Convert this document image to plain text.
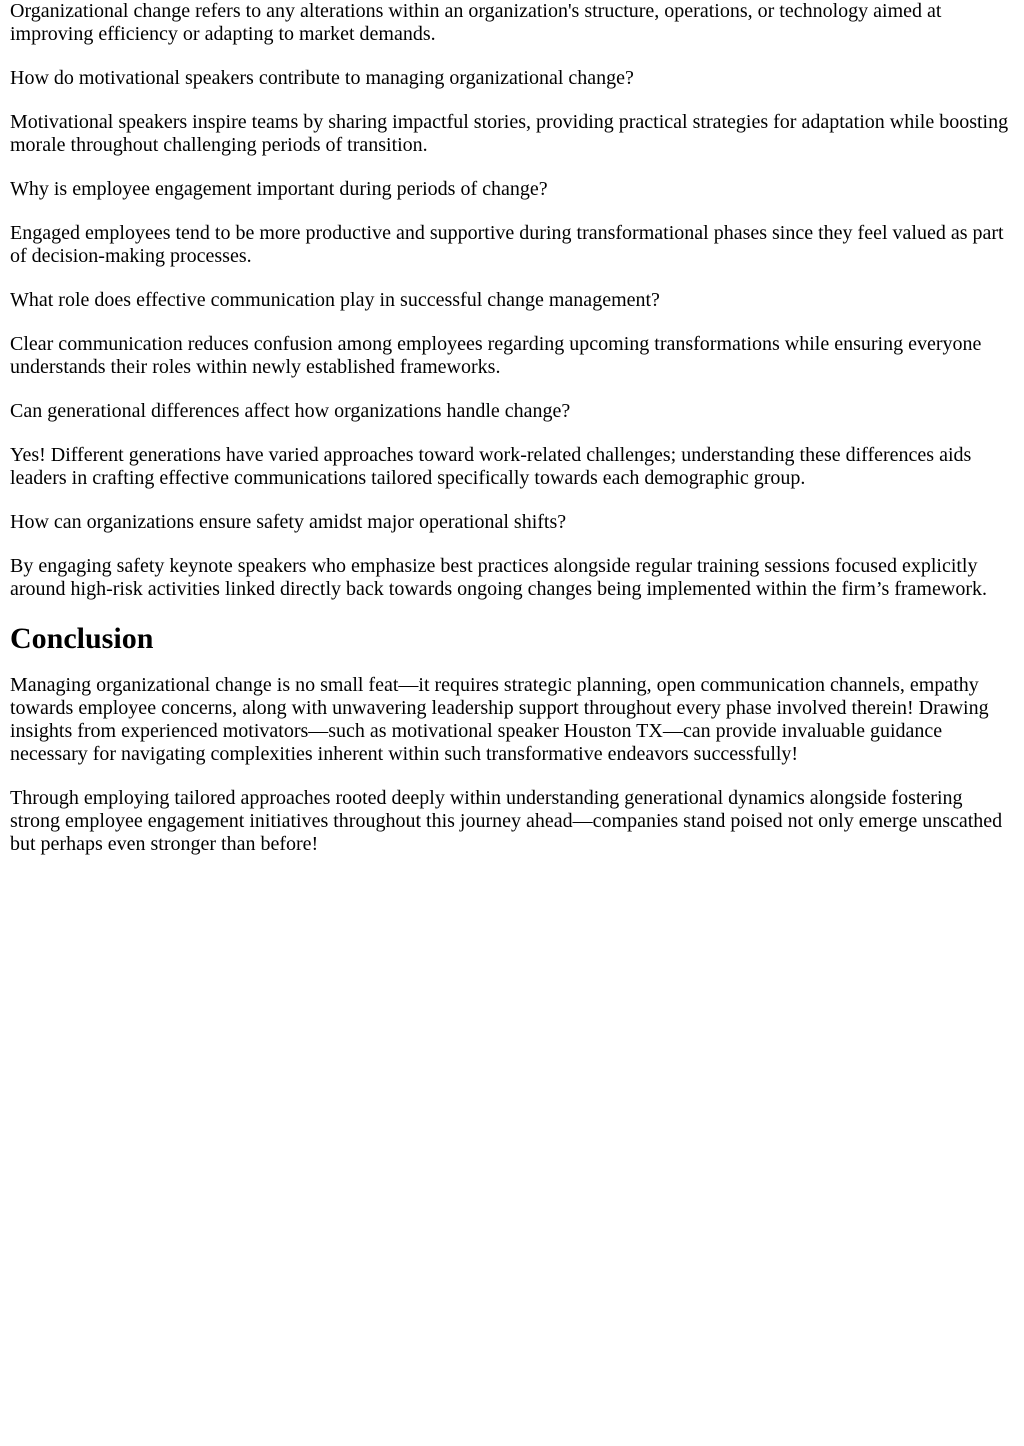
Organizational change refers to any alterations within an organization's structure, operations, or technology aimed at improving efficiency or adapting to market demands.

How do motivational speakers contribute to managing organizational change?

Motivational speakers inspire teams by sharing impactful stories, providing practical strategies for adaptation while boosting morale throughout challenging periods of transition.

Why is employee engagement important during periods of change?

Engaged employees tend to be more productive and supportive during transformational phases since they feel valued as part of decision-making processes.

What role does effective communication play in successful change management?

Clear communication reduces confusion among employees regarding upcoming transformations while ensuring everyone understands their roles within newly established frameworks.

Can generational differences affect how organizations handle change?

Yes! Different generations have varied approaches toward work-related challenges; understanding these differences aids leaders in crafting effective communications tailored specifically towards each demographic group.

How can organizations ensure safety amidst major operational shifts?

By engaging safety keynote speakers who emphasize best practices alongside regular training sessions focused explicitly around high-risk activities linked directly back towards ongoing changes being implemented within the firm’s framework.

Conclusion

Managing organizational change is no small feat—it requires strategic planning, open communication channels, empathy towards employee concerns, along with unwavering leadership support throughout every phase involved therein! Drawing insights from experienced motivators—such as motivational speaker Houston TX—can provide invaluable guidance necessary for navigating complexities inherent within such transformative endeavors successfully!

Through employing tailored approaches rooted deeply within understanding generational dynamics alongside fostering strong employee engagement initiatives throughout this journey ahead—companies stand poised not only emerge unscathed but perhaps even stronger than before!
